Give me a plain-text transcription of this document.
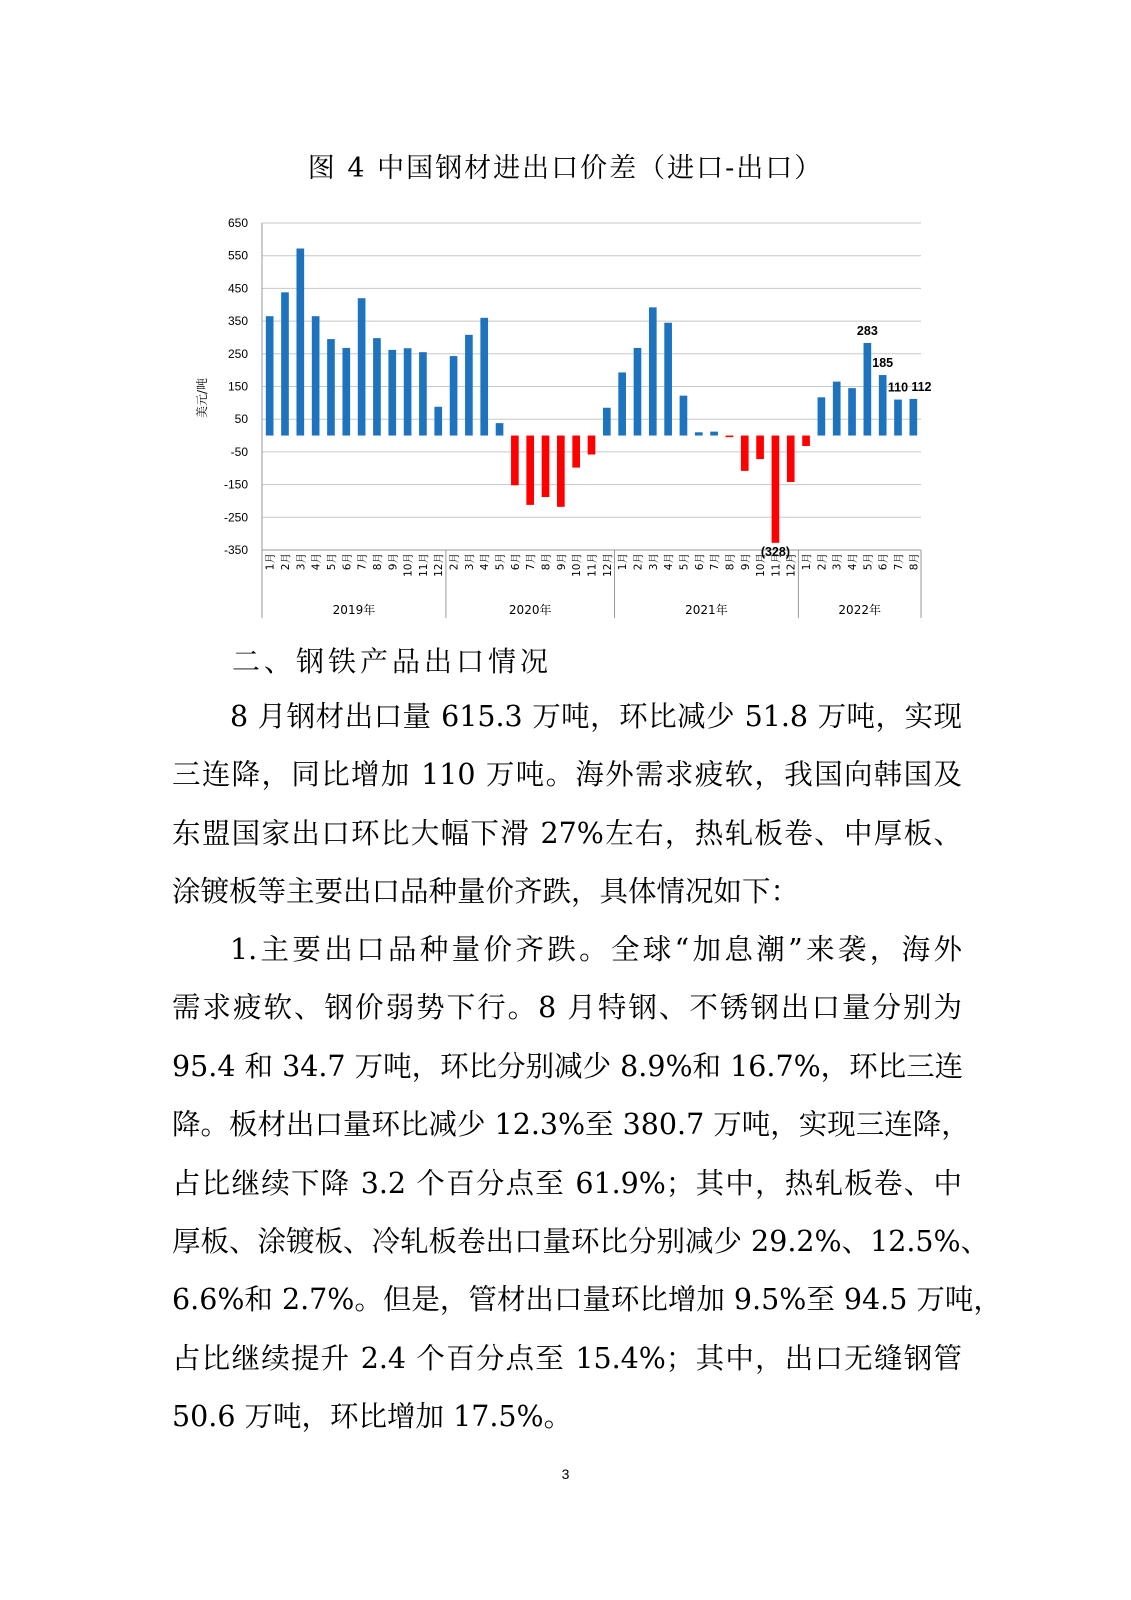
图 4 中国钢材进出口价差（进口-出口）
650
550
450
350
250
150
50
-50
-150
-250
-350
美元/吨
1月 2月 3月 4月 5月 6月 7月 8月 9月 10月 11月 12月
2019年
2月 3月 4月 5月 6月 7月 8月 9月 10月 11月 12月
2020年
1月 2月 3月 4月 5月 6月 7月 8月 9月 10月 11月 12月
2021年
1月 2月 3月 4月 5月 6月 7月 8月
2022年
283
185
110 112
(328)
二、钢铁产品出口情况
8 月钢材出口量 615.3 万吨，环比减少 51.8 万吨，实现
三连降，同比增加 110 万吨。海外需求疲软，我国向韩国及
东盟国家出口环比大幅下滑 27%左右，热轧板卷、中厚板、
涂镀板等主要出口品种量价齐跌，具体情况如下：
1.主要出口品种量价齐跌。全球“加息潮”来袭，海外
需求疲软、钢价弱势下行。8 月特钢、不锈钢出口量分别为
95.4 和 34.7 万吨，环比分别减少 8.9%和 16.7%，环比三连
降。板材出口量环比减少 12.3%至 380.7 万吨，实现三连降，
占比继续下降 3.2 个百分点至 61.9%；其中，热轧板卷、中
厚板、涂镀板、冷轧板卷出口量环比分别减少 29.2%、12.5%、
6.6%和 2.7%。但是，管材出口量环比增加 9.5%至 94.5 万吨，
占比继续提升 2.4 个百分点至 15.4%；其中，出口无缝钢管
50.6 万吨，环比增加 17.5%。
3
